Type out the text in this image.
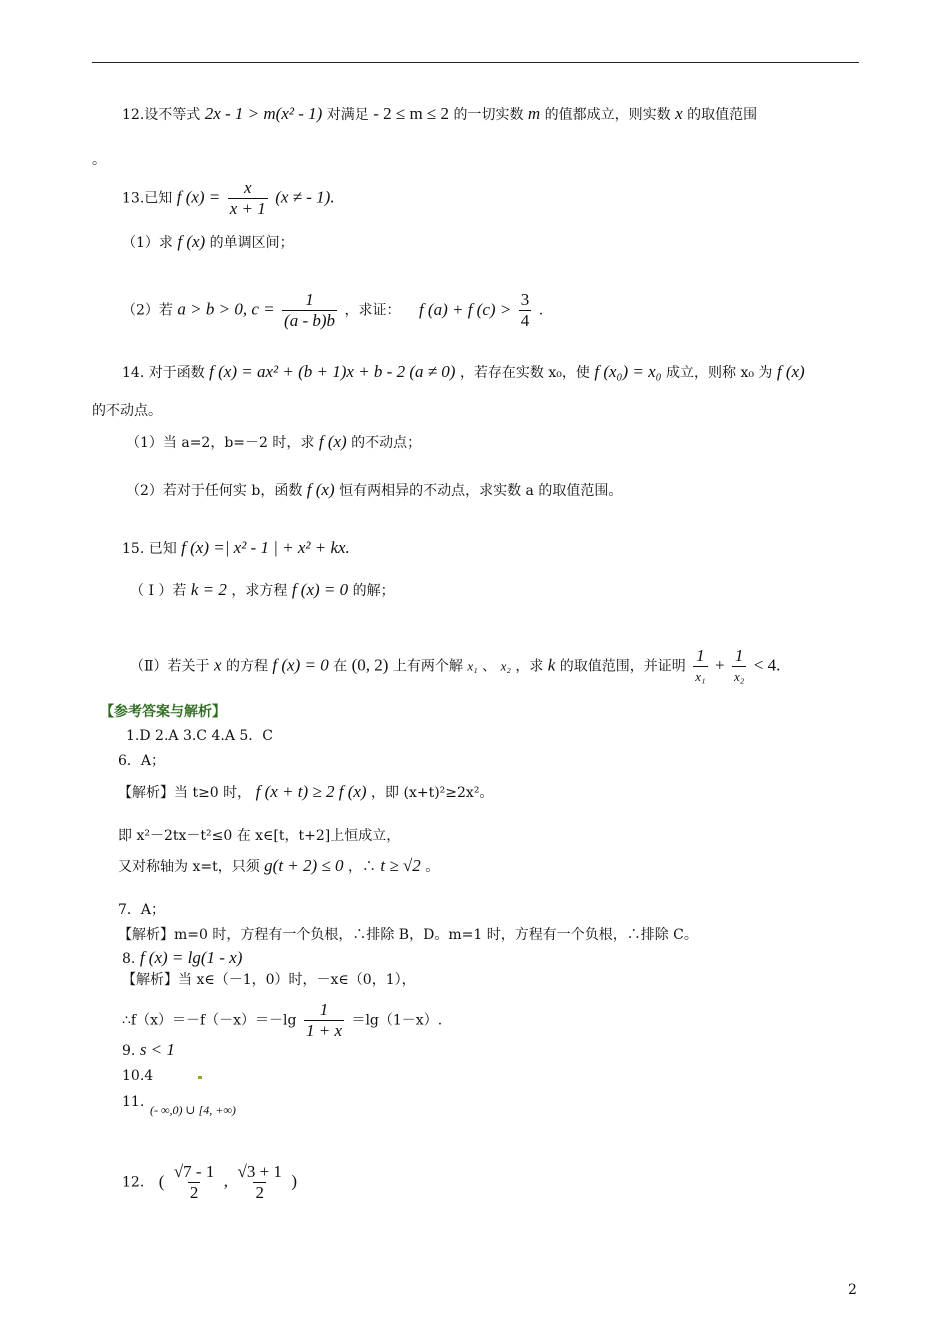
12.设不等式 2x - 1 > m(x² - 1) 对满足 - 2 ≤ m ≤ 2 的一切实数 m 的值都成立，则实数 x 的取值范围
。
13.已知 f $(x) = \frac{x}{x + 1} (x$ ≠ - 1).
（1）求 f (x) 的单调区间；
（2）若 a > b > 0, $c = \frac{1}{(a - b)b}$ ，求证： f (a) + f $(c) > \frac{3}{4}$ .
14. 对于函数 f (x) = ax² + (b + 1)x + b - 2 (a ≠ 0) ，若存在实数 x₀，使 f (x₀) = x₀ 成立，则称 x₀ 为 f (x)
的不动点。
（1）当 a=2，b=－2 时，求 f (x) 的不动点；
（2）若对于任何实 b，函数 f (x) 恒有两相异的不动点，求实数 a 的取值范围。
15. 已知 f (x) =| x² - 1 | + x² + kx.
（ I ）若 k = 2 ，求方程 f (x) = 0 的解；
（Ⅱ）若关于 x 的方程 f (x) = 0 在 (0, 2) 上有两个解 x₁ 、 x₂ ，求 k 的取值范围，并证明 $\frac{1}{\text{x₁}} + \frac{1}{\text{x₂}} < 4$.
【参考答案与解析】
1.D 2.A 3.C 4.A 5．C
6．A；
【解析】当 t≥0 时， f (x + t) ≥ 2 f (x) ，即 (x+t)²≥2x²。
即 x²－2tx－t²≤0 在 x∈[t，t+2]上恒成立，
又对称轴为 x=t，只须 g(t + 2) ≤ 0 ，∴ t ≥ √2 。
7．A；
【解析】m=0 时，方程有一个负根，∴排除 B，D。m=1 时，方程有一个负根，∴排除 C。
8. f (x) = lg(1 - x)
【解析】当 x∈（－1，0）时，－x∈（0，1），
∴f（x）＝－f（－x）＝－lg $\frac{1}{1 + x} =\lg(1-x)$.
9. s < 1
10.4
11. (- ∞,0) ∪ [4, +∞)
12. ( $\frac{√7 - 1}{2}$ , $\frac{√3 + 1}{2}$ )
2
